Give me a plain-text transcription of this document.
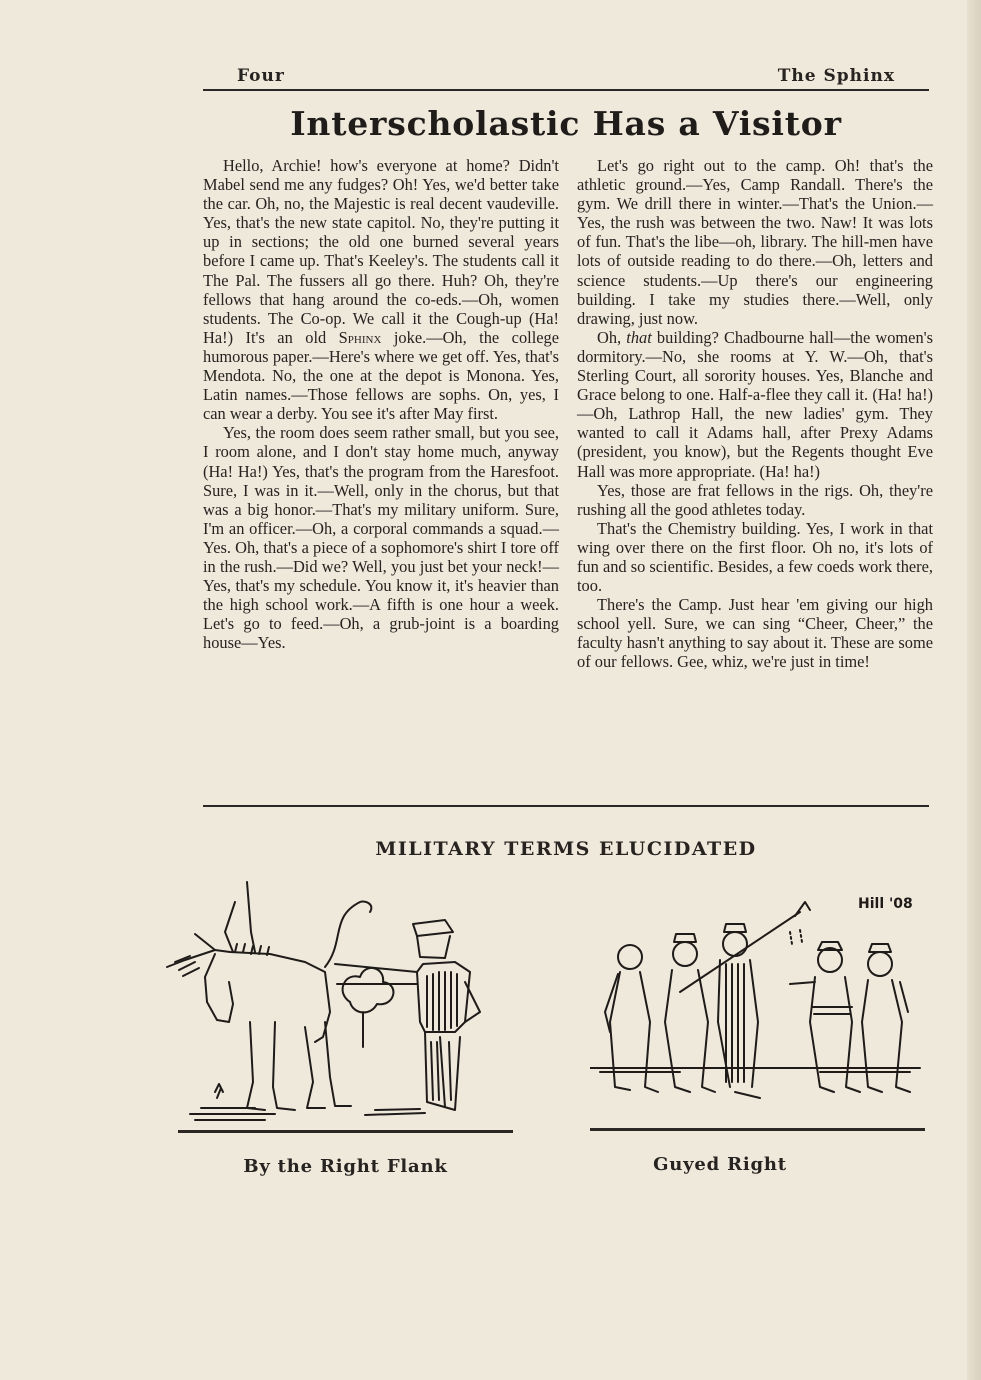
Four	The Sphinx
Interscholastic Has a Visitor

Hello, Archie! how's everyone at home? Didn't Mabel send me any fudges? Oh! Yes, we'd better take the car. Oh, no, the Majestic is real decent vaudeville. Yes, that's the new state capitol. No, they're putting it up in sections; the old one burned several years before I came up. That's Keeley's. The students call it The Pal. The fussers all go there. Huh? Oh, they're fellows that hang around the co-eds.—Oh, women students. The Co-op. We call it the Cough-up (Ha! Ha!) It's an old Sphinx joke.—Oh, the college humorous paper.—Here's where we get off. Yes, that's Mendota. No, the one at the depot is Monona. Yes, Latin names.—Those fellows are sophs. On, yes, I can wear a derby. You see it's after May first.

Yes, the room does seem rather small, but you see, I room alone, and I don't stay home much, anyway (Ha! Ha!) Yes, that's the program from the Haresfoot. Sure, I was in it.—Well, only in the chorus, but that was a big honor.—That's my military uniform. Sure, I'm an officer.—Oh, a corporal commands a squad.—Yes. Oh, that's a piece of a sophomore's shirt I tore off in the rush.—Did we? Well, you just bet your neck!—Yes, that's my schedule. You know it, it's heavier than the high school work.—A fifth is one hour a week. Let's go to feed.—Oh, a grub-joint is a boarding house—Yes.

Let's go right out to the camp. Oh! that's the athletic ground.—Yes, Camp Randall. There's the gym. We drill there in winter.—That's the Union.—Yes, the rush was between the two. Naw! It was lots of fun. That's the libe—oh, library. The hill-men have lots of outside reading to do there.—Oh, letters and science students.—Up there's our engineering building. I take my studies there.—Well, only drawing, just now.

Oh, that building? Chadbourne hall—the women's dormitory.—No, she rooms at Y. W.—Oh, that's Sterling Court, all sorority houses. Yes, Blanche and Grace belong to one. Half-a-flee they call it. (Ha! ha!)—Oh, Lathrop Hall, the new ladies' gym. They wanted to call it Adams hall, after Prexy Adams (president, you know), but the Regents thought Eve Hall was more appropriate. (Ha! ha!)

Yes, those are frat fellows in the rigs. Oh, they're rushing all the good athletes today.

That's the Chemistry building. Yes, I work in that wing over there on the first floor. Oh no, it's lots of fun and so scientific. Besides, a few coeds work there, too.

There's the Camp. Just hear 'em giving our high school yell. Sure, we can sing “Cheer, Cheer,” the faculty hasn't anything to say about it. These are some of our fellows. Gee, whiz, we're just in time!

MILITARY TERMS ELUCIDATED
By the Right Flank
Hill '08
Guyed Right
